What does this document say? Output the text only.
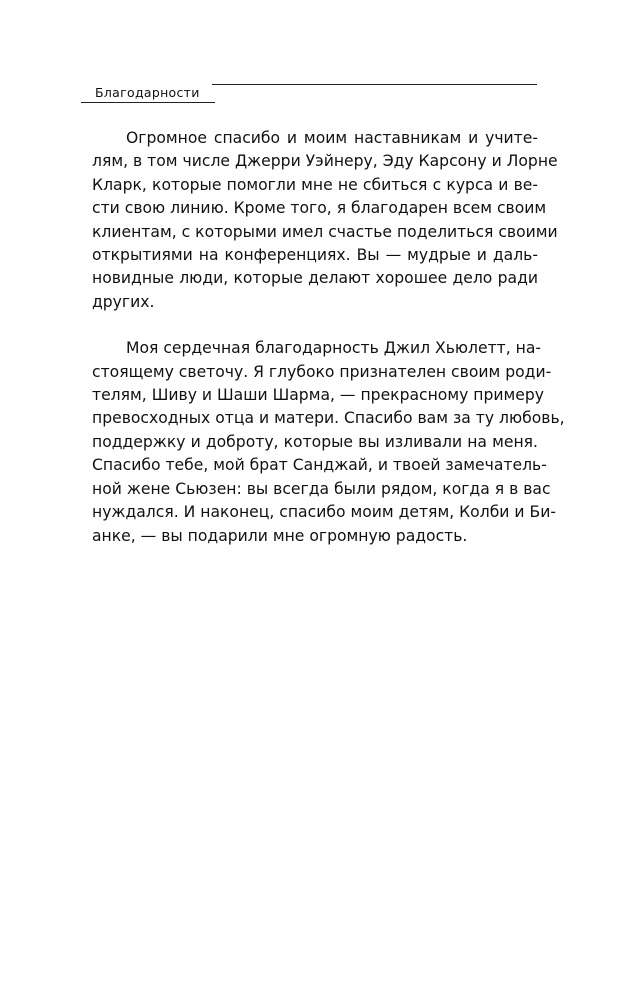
Благодарности

Огромное спасибо и моим наставникам и учите-
лям, в том числе Джерри Уэйнеру, Эду Карсону и Лорне
Кларк, которые помогли мне не сбиться с курса и ве-
сти свою линию. Кроме того, я благодарен всем своим
клиентам, с которыми имел счастье поделиться своими
открытиями на конференциях. Вы — мудрые и даль-
новидные люди, которые делают хорошее дело ради
других.

Моя сердечная благодарность Джил Хьюлетт, на-
стоящему светочу. Я глубоко признателен своим роди-
телям, Шиву и Шаши Шарма, — прекрасному примеру
превосходных отца и матери. Спасибо вам за ту любовь,
поддержку и доброту, которые вы изливали на меня.
Спасибо тебе, мой брат Санджай, и твоей замечатель-
ной жене Сьюзен: вы всегда были рядом, когда я в вас
нуждался. И наконец, спасибо моим детям, Колби и Би-
анке, — вы подарили мне огромную радость.
